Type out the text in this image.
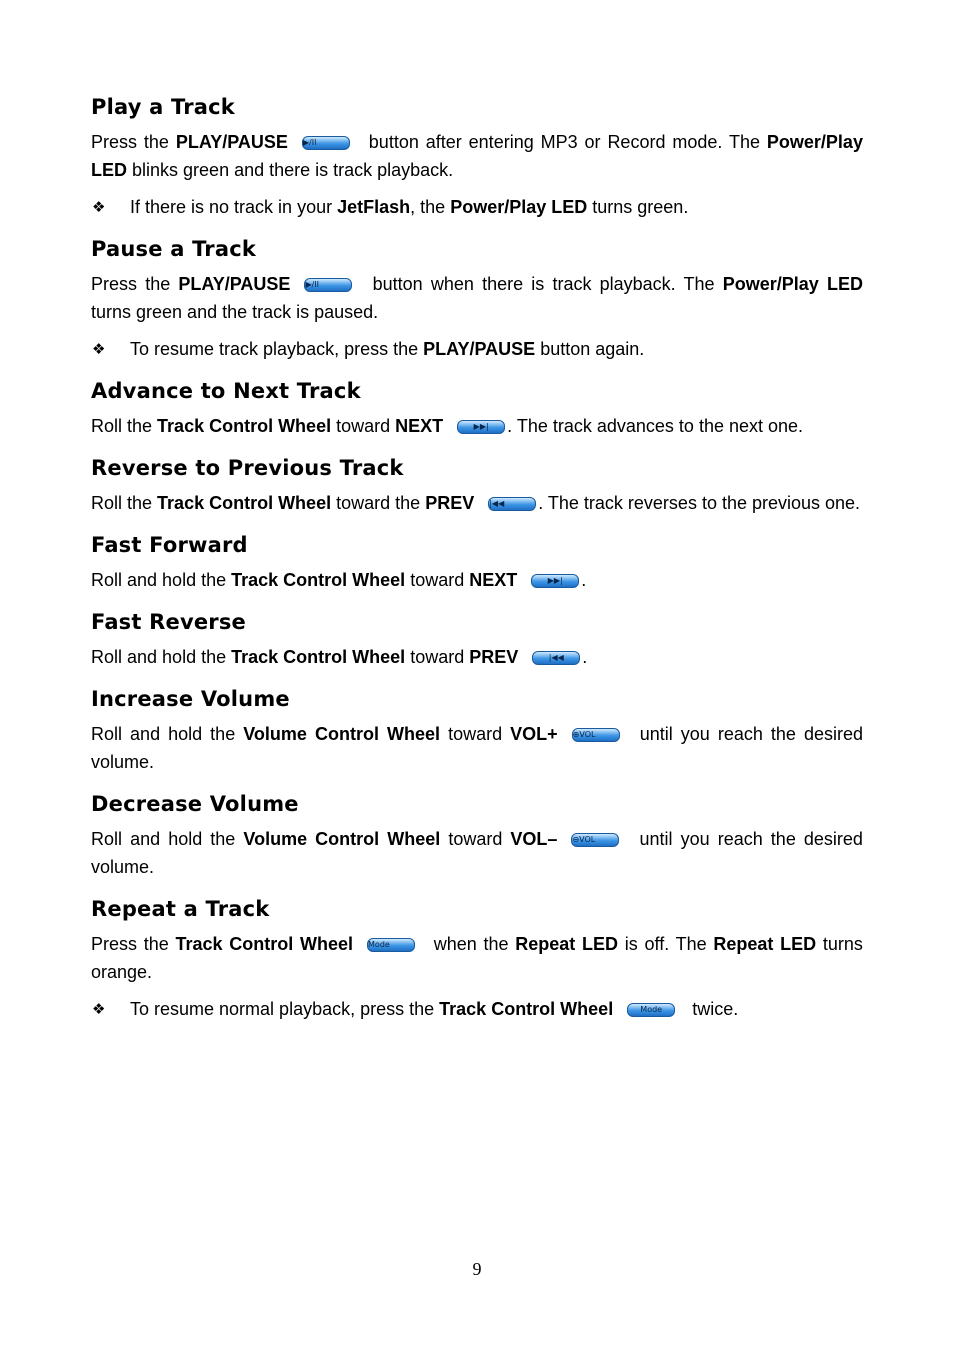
Play a Track

Press the PLAY/PAUSE ▶/II	button after entering MP3 or Record mode. The Power/Play LED blinks green and there is track playback.

❖	If there is no track in your JetFlash, the Power/Play LED turns green.
Pause a Track

Press the PLAY/PAUSE ▶/II	button when there is track playback. The Power/Play LED turns green and the track is paused.

❖	To resume track playback, press the PLAY/PAUSE button again.
Advance to Next Track

Roll the Track Control Wheel toward NEXT	▶▶| . The track advances to the next one.

Reverse to Previous Track

Roll the Track Control Wheel toward the PREV |◀◀ . The track reverses to the previous one.

Fast Forward

Roll and hold the Track Control Wheel toward NEXT	▶▶| .

Fast Reverse

Roll and hold the Track Control Wheel toward PREV	|◀◀ .

Increase Volume

Roll and hold the Volume Control Wheel toward VOL+ ⊕VOL until you reach the desired volume.

Decrease Volume

Roll and hold the Volume Control Wheel toward VOL– ⊖VOL until you reach the desired volume.

Repeat a Track

Press the Track Control Wheel Mode when the Repeat LED is off. The Repeat LED turns orange.

❖	To resume normal playback, press the Track Control Wheel	Mode twice.
9
